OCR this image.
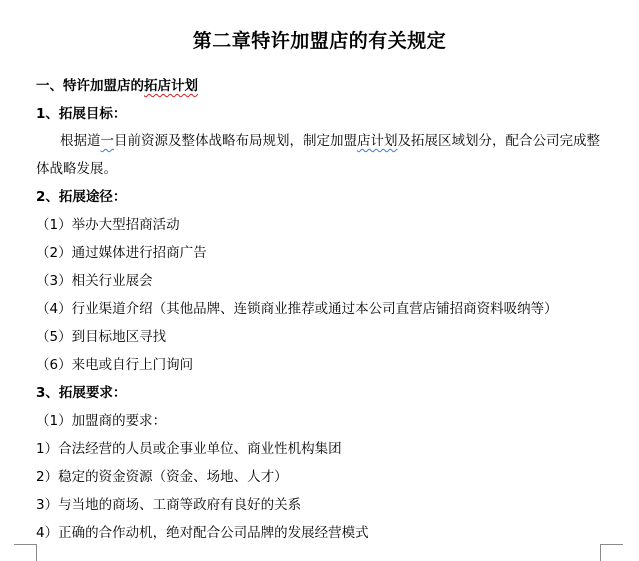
第二章特许加盟店的有关规定
一、特许加盟店的拓店计划
1、拓展目标：
根据道一目前资源及整体战略布局规划，制定加盟店计划及拓展区域划分，配合公司完成整体战略发展。
2、拓展途径：
（1）举办大型招商活动
（2）通过媒体进行招商广告
（3）相关行业展会
（4）行业渠道介绍（其他品牌、连锁商业推荐或通过本公司直营店铺招商资料吸纳等）
（5）到目标地区寻找
（6）来电或自行上门询问
3、拓展要求：
（1）加盟商的要求：
1）合法经营的人员或企事业单位、商业性机构集团
2）稳定的资金资源（资金、场地、人才）
3）与当地的商场、工商等政府有良好的关系
4）正确的合作动机，绝对配合公司品牌的发展经营模式
